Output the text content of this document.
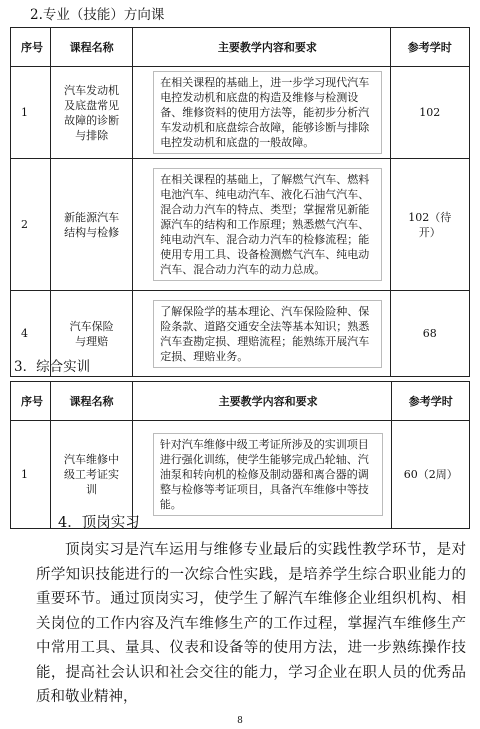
2.专业（技能）方向课
序号	课程名称	主要教学内容和要求	参考学时
1	汽车发动机及底盘常见故障的诊断与排除	在相关课程的基础上，进一步学习现代汽车电控发动机和底盘的构造及维修与检测设备、维修资料的使用方法等，能初步分析汽车发动机和底盘综合故障，能够诊断与排除电控发动机和底盘的一般故障。	102
2	新能源汽车结构与检修	在相关课程的基础上，了解燃气汽车、燃料电池汽车、纯电动汽车、液化石油气汽车、混合动力汽车的特点、类型；掌握常见新能源汽车的结构和工作原理；熟悉燃气汽车、纯电动汽车、混合动力汽车的检修流程；能使用专用工具、设备检测燃气汽车、纯电动汽车、混合动力汽车的动力总成。	102（待开）

4	汽车保险与理赔	了解保险学的基本理论、汽车保险险种、保险条款、道路交通安全法等基本知识；熟悉汽车查勘定损、理赔流程；能熟练开展汽车定损、理赔业务。	68
3．综合实训
序号	课程名称	主要教学内容和要求	参考学时
1	汽车维修中级工考证实训	针对汽车维修中级工考证所涉及的实训项目进行强化训练，使学生能够完成凸轮轴、汽油泵和转向机的检修及制动器和离合器的调整与检修等考证项目，具备汽车维修中等技能。	60（2周）
4．顶岗实习
顶岗实习是汽车运用与维修专业最后的实践性教学环节，是对所学知识技能进行的一次综合性实践，是培养学生综合职业能力的重要环节。通过顶岗实习，使学生了解汽车维修企业组织机构、相关岗位的工作内容及汽车维修生产的工作过程，掌握汽车维修生产中常用工具、量具、仪表和设备等的使用方法，进一步熟练操作技能，提高社会认识和社会交往的能力，学习企业在职人员的优秀品质和敬业精神，
8
